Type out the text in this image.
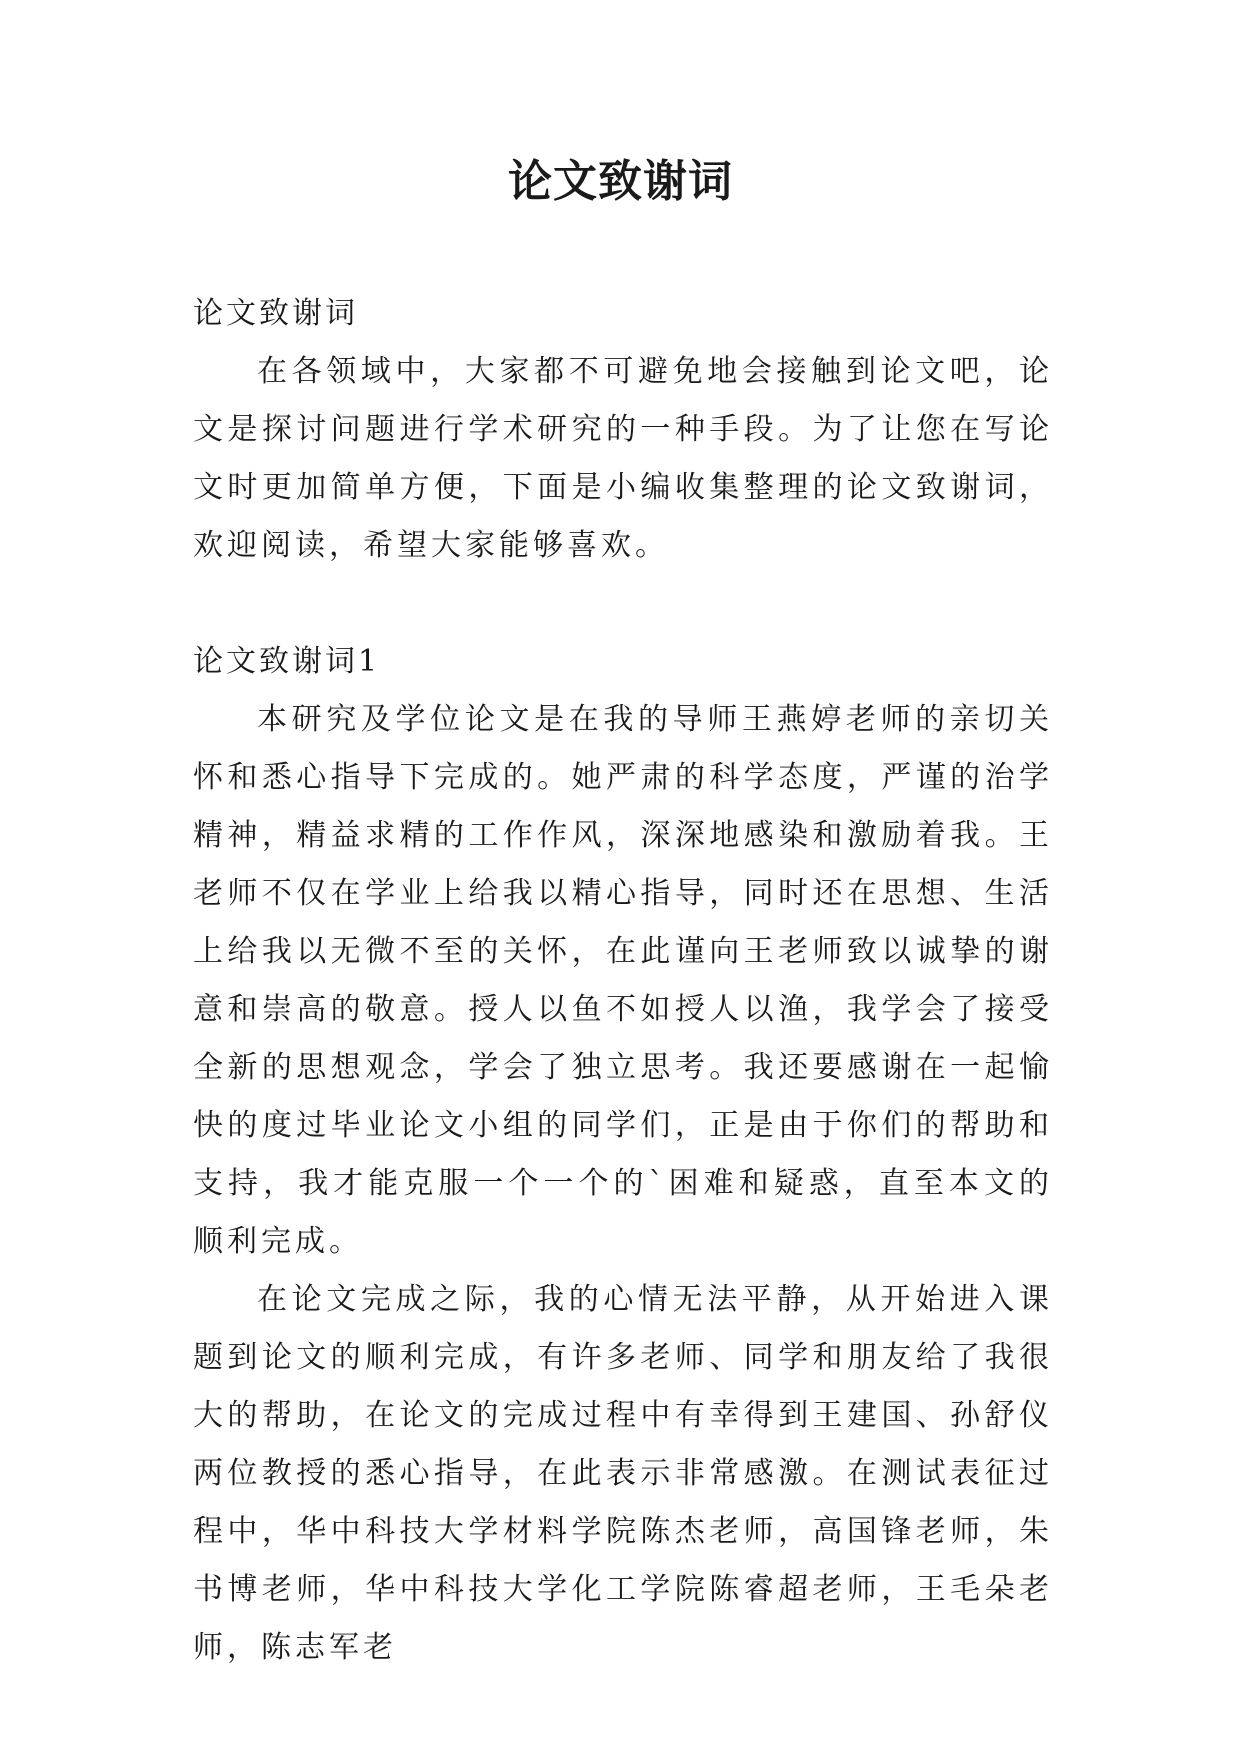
论文致谢词

论文致谢词

在各领域中，大家都不可避免地会接触到论文吧，论文是探讨问题进行学术研究的一种手段。为了让您在写论文时更加简单方便，下面是小编收集整理的论文致谢词，欢迎阅读，希望大家能够喜欢。

论文致谢词1

本研究及学位论文是在我的导师王燕婷老师的亲切关怀和悉心指导下完成的。她严肃的科学态度，严谨的治学精神，精益求精的工作作风，深深地感染和激励着我。王老师不仅在学业上给我以精心指导，同时还在思想、生活上给我以无微不至的关怀，在此谨向王老师致以诚挚的谢意和崇高的敬意。授人以鱼不如授人以渔，我学会了接受全新的思想观念，学会了独立思考。我还要感谢在一起愉快的度过毕业论文小组的同学们，正是由于你们的帮助和支持，我才能克服一个一个的`困难和疑惑，直至本文的顺利完成。

在论文完成之际，我的心情无法平静，从开始进入课题到论文的顺利完成，有许多老师、同学和朋友给了我很大的帮助，在论文的完成过程中有幸得到王建国、孙舒仪两位教授的悉心指导，在此表示非常感激。在测试表征过程中，华中科技大学材料学院陈杰老师，高国锋老师，朱书博老师，华中科技大学化工学院陈睿超老师，王毛朵老师，陈志军老
